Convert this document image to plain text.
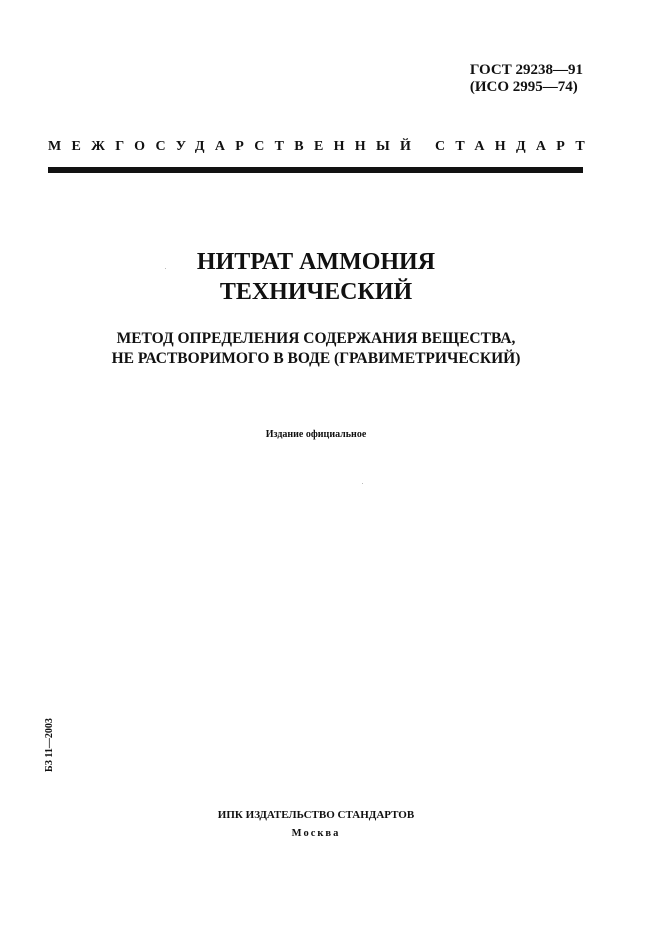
ГОСТ 29238—91
(ИСО 2995—74)
МЕЖГОСУДАРСТВЕННЫЙ СТАНДАРТ
НИТРАТ АММОНИЯ
ТЕХНИЧЕСКИЙ
МЕТОД ОПРЕДЕЛЕНИЯ СОДЕРЖАНИЯ ВЕЩЕСТВА,
НЕ РАСТВОРИМОГО В ВОДЕ (ГРАВИМЕТРИЧЕСКИЙ)
Издание официальное
БЗ 11—2003
ИПК ИЗДАТЕЛЬСТВО СТАНДАРТОВ
Москва
